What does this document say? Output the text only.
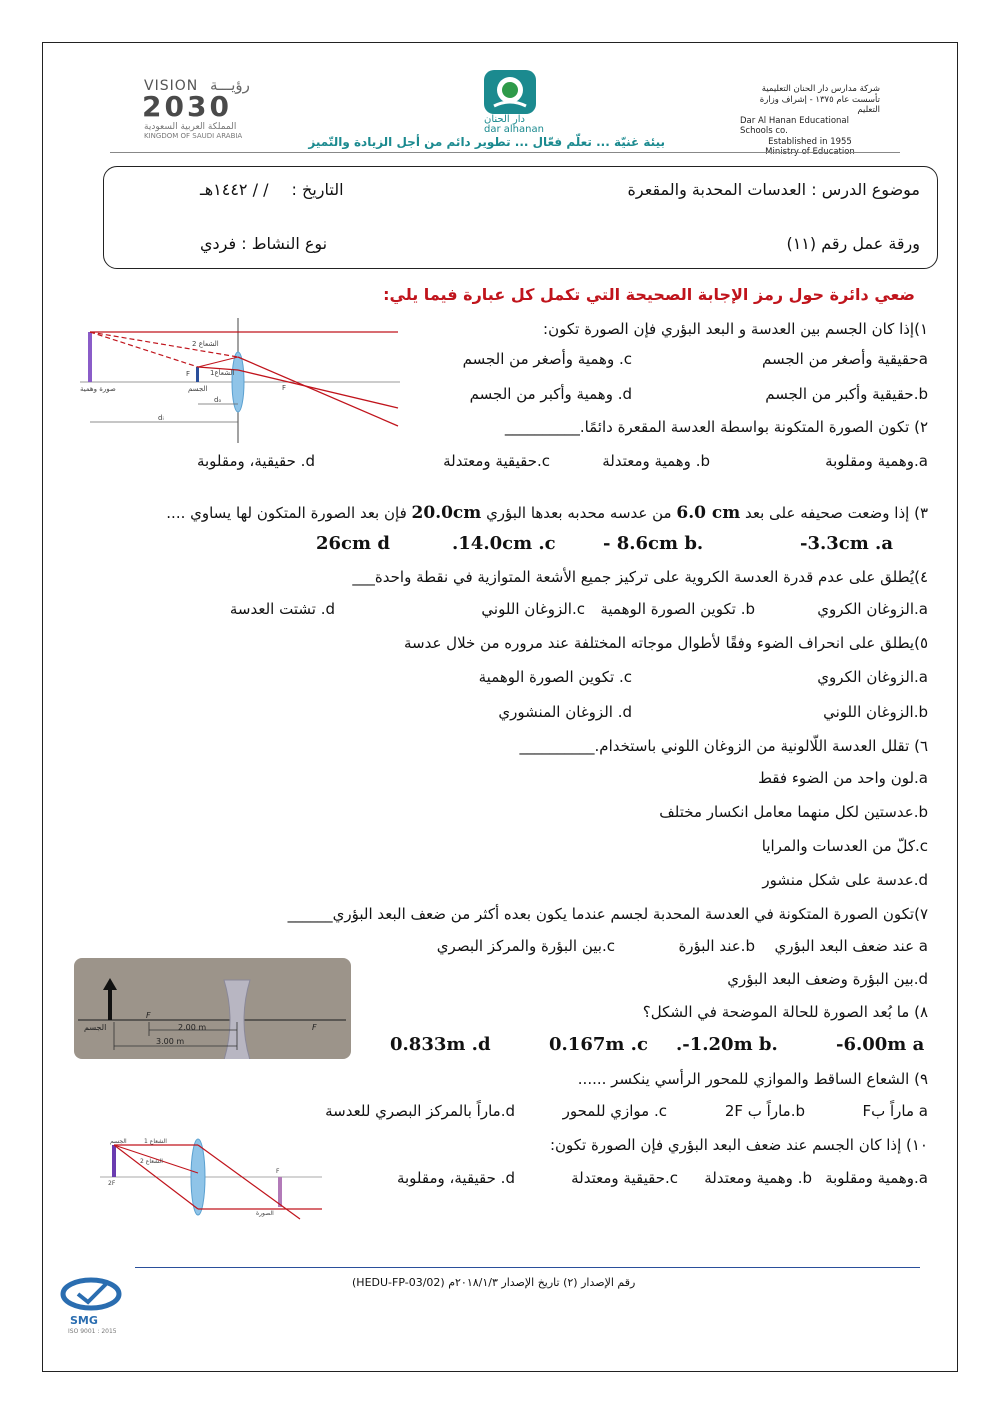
VISION رؤيـــة
2030
المملكة العربية السعودية
KINGDOM OF SAUDI ARABIA
دار الحنان
dar alhanan
شركة مدارس دار الحنان التعليمية
تأسست عام ١٣٧٥ - إشراف وزارة التعليم
Dar Al Hanan Educational Schools co.
Established in 1955
Ministry of Education
بيئة غنيّة ... تعلّم فعّال ... تطوير دائم من أجل الزيادة والتّميز
موضوع الدرس : العدسات المحدبة والمقعرة
التاريخ : / / ١٤٤٢هـ
ورقة عمل رقم (١١)
نوع النشاط : فردي
ضعي دائرة حول رمز الإجابة الصحيحة التي تكمل كل عبارة فيما يلي:
الشعاع 2
الشعاع1
الجسم
صورة وهمية
F
F
dₒ
dᵢ
١)إذا كان الجسم بين العدسة و البعد البؤري فإن الصورة تكون:
aحقيقية وأصغر من الجسم
c. وهمية وأصغر من الجسم
b.حقيقية وأكبر من الجسم
d. وهمية وأكبر من الجسم
٢) تكون الصورة المتكونة بواسطة العدسة المقعرة دائمًا.__________
a.وهمية ومقلوبة
b. وهمية ومعتدلة
c.حقيقية ومعتدلة
d. حقيقية، ومقلوبة
٣) إذا وضعت صحيفه على بعد 6.0 cm من عدسه محدبه بعدها البؤري 20.0cm فإن بعد الصورة المتكون لها يساوي ....
-3.3cm .a
- 8.6cm b.
.14.0cm .c
26cm d
٤)يُطلق على عدم قدرة العدسة الكروية على تركيز جميع الأشعة المتوازية في نقطة واحدة___
a.الزوغان الكروي
b. تكوين الصورة الوهمية
c.الزوغان اللوني
d. تشتت العدسة
٥)يطلق على انحراف الضوء وفقًا لأطوال موجاته المختلفة عند مروره من خلال عدسة
a.الزوغان الكروي
c. تكوين الصورة الوهمية
b.الزوغان اللوني
d. الزوغان المنشوري
٦) تقلل العدسة اللّالونية من الزوغان اللوني باستخدام.__________
a.لون واحد من الضوء فقط
b.عدستين لكل منهما معامل انكسار مختلف
c.كلّ من العدسات والمرايا
d.عدسة على شكل منشور
٧)تكون الصورة المتكونة في العدسة المحدبة لجسم عندما يكون بعده أكثر من ضعف البعد البؤري______
a عند ضعف البعد البؤري
b.عند البؤرة
c.بين البؤرة والمركز البصري
d.بين البؤرة وضعف البعد البؤري
الجسم
F
F
2.00 m
3.00 m
٨) ما بُعد الصورة للحالة الموضحة في الشكل؟
-6.00m a
.-1.20m b.
0.167m .c
0.833m .d
٩) الشعاع الساقط والموازي للمحور الرأسي ينكسر ......
a ماراً بF
b.ماراً ب 2F
c. موازي للمحور
d.ماراً بالمركز البصري للعدسة
الجسم	الشعاع 1
الشعاع 2
الصورة
2F
F
١٠) إذا كان الجسم عند ضعف البعد البؤري فإن الصورة تكون:
a.وهمية ومقلوبة
b. وهمية ومعتدلة
c.حقيقية ومعتدلة
d. حقيقية، ومقلوبة
رقم الإصدار (٢) تاريخ الإصدار ٢٠١٨/١/٣م (HEDU-FP-03/02)
SMG
ISO 9001 : 2015
